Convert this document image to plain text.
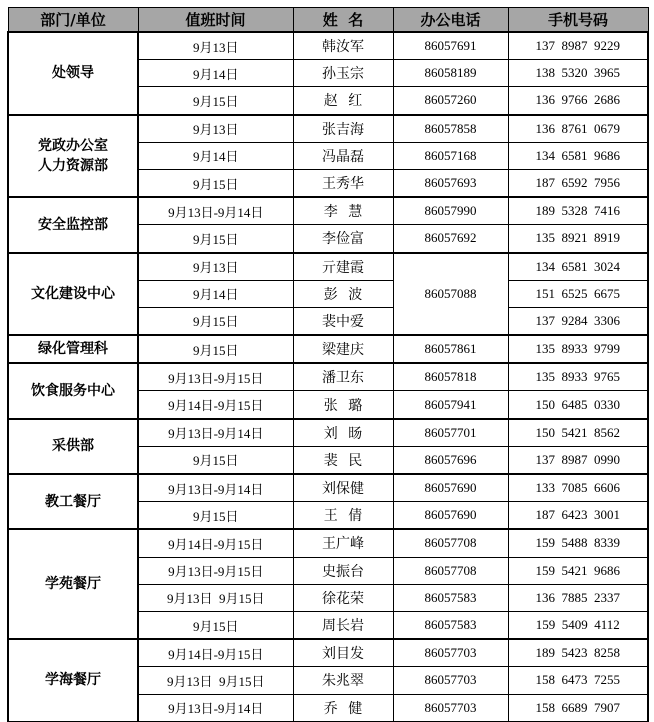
部门/单位	值班时间	姓  名	办公电话	手机号码
处领导	9月13日	韩汝军	86057691	137  8987  9229
	9月14日	孙玉宗	86058189	138  5320  3965
	9月15日	赵   红	86057260	136  9766  2686
党政办公室
人力资源部	9月13日	张吉海	86057858	136  8761  0679
	9月14日	冯晶磊	86057168	134  6581  9686
	9月15日	王秀华	86057693	187  6592  7956
安全监控部	9月13日-9月14日	李   慧	86057990	189  5328  7416
	9月15日	李俭富	86057692	135  8921  8919
文化建设中心	9月13日	亓建霞	86057088	134  6581  3024
	9月14日	彭   波		151  6525  6675
	9月15日	裴中爱		137  9284  3306
绿化管理科	9月15日	梁建庆	86057861	135  8933  9799
饮食服务中心	9月13日-9月15日	潘卫东	86057818	135  8933  9765
	9月14日-9月15日	张   璐	86057941	150  6485  0330
采供部	9月13日-9月14日	刘   旸	86057701	150  5421  8562
	9月15日	裴   民	86057696	137  8987  0990
教工餐厅	9月13日-9月14日	刘保健	86057690	133  7085  6606
	9月15日	王   倩	86057690	187  6423  3001
学苑餐厅	9月14日-9月15日	王广峰	86057708	159  5488  8339
	9月13日-9月15日	史振台	86057708	159  5421  9686
	9月13日  9月15日	徐花荣	86057583	136  7885  2337
	9月15日	周长岩	86057583	159  5409  4112
学海餐厅	9月14日-9月15日	刘目发	86057703	189  5423  8258
	9月13日  9月15日	朱兆翠	86057703	158  6473  7255
	9月13日-9月14日	乔   健	86057703	158  6689  7907
